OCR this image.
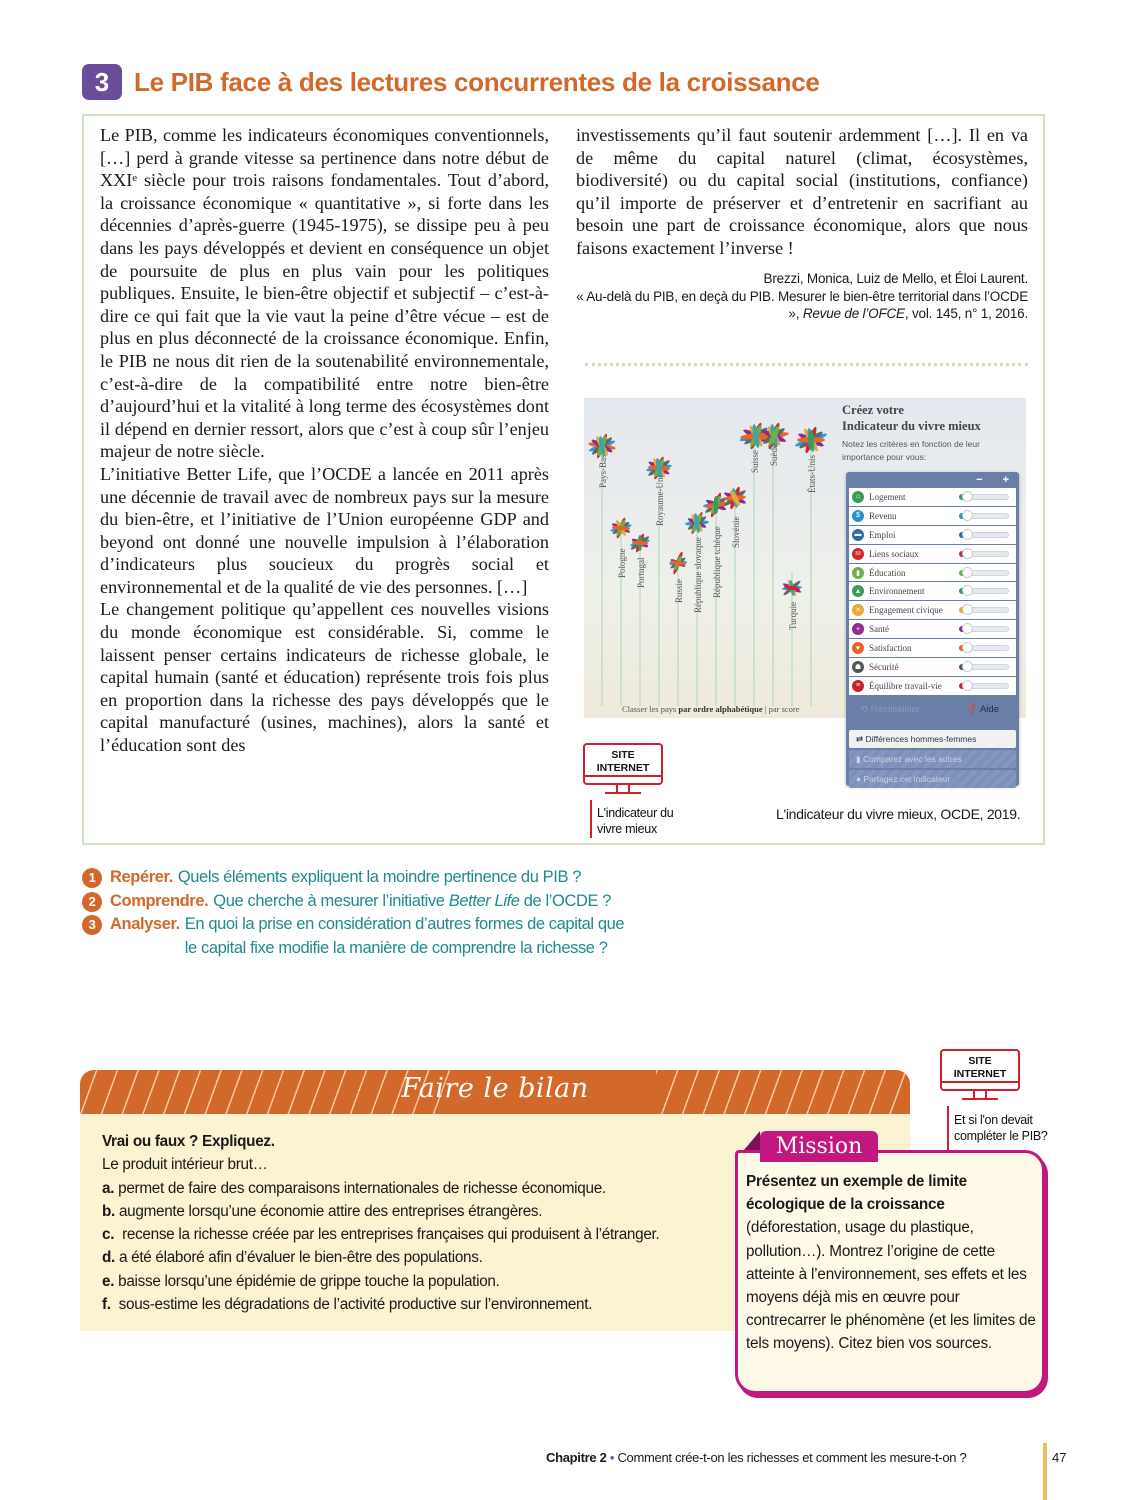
3 Le PIB face à des lectures concurrentes de la croissance

Le PIB, comme les indicateurs économiques conventionnels, […] perd à grande vitesse sa pertinence dans notre début de XXIᵉ siècle pour trois raisons fondamentales. Tout d’abord, la croissance économique « quantitative », si forte dans les décennies d’après-guerre (1945-1975), se dissipe peu à peu dans les pays développés et devient en conséquence un objet de poursuite de plus en plus vain pour les politiques publiques. Ensuite, le bien-être objectif et subjectif – c’est-à-dire ce qui fait que la vie vaut la peine d’être vécue – est de plus en plus déconnecté de la croissance économique. Enfin, le PIB ne nous dit rien de la soutenabilité environnementale, c’est-à-dire de la compatibilité entre notre bien-être d’aujourd’hui et la vitalité à long terme des écosystèmes dont il dépend en dernier ressort, alors que c’est à coup sûr l’enjeu majeur de notre siècle.

L’initiative Better Life, que l’OCDE a lancée en 2011 après une décennie de travail avec de nombreux pays sur la mesure du bien-être, et l’initiative de l’Union européenne GDP and beyond ont donné une nouvelle impulsion à l’élaboration d’indicateurs plus soucieux du progrès social et environnemental et de la qualité de vie des personnes. […]

Le changement politique qu’appellent ces nouvelles visions du monde économique est considérable. Si, comme le laissent penser certains indicateurs de richesse globale, le capital humain (santé et éducation) représente trois fois plus en proportion dans la richesse des pays développés que le capital manufacturé (usines, machines), alors la santé et l’éducation sont des

investissements qu’il faut soutenir ardemment […]. Il en va de même du capital naturel (climat, écosystèmes, biodiversité) ou du capital social (institutions, confiance) qu’il importe de préserver et d’entretenir en sacrifiant au besoin une part de croissance économique, alors que nous faisons exactement l’inverse !
Brezzi, Monica, Luiz de Mello, et Éloi Laurent.
« Au-delà du PIB, en deçà du PIB. Mesurer le bien-être territorial dans l’OCDE », Revue de l’OFCE, vol. 145, n° 1, 2016.
Pays-Bas
Pologne Portugal
Royaume-Uni
Russie République slovaque République tchèque Slovénie
Suisse Suède	États-Unis
Turquie
Classer les pays par ordre alphabétique | par score
Créez votre
Indicateur du vivre mieux
Notez les critères en fonction de leur importance pour vous:
− +
⌂ Logement
$	Revenu
▬ Emploi
ııı Liens sociaux
▮	Éducation
▲ Environnement
✕ Engagement civique
+ Santé
♥ Satisfaction
☗ Sécurité
≡ Équilibre travail-vie
⟲ Réinitialiser	❓ Aide
⇄ Différences hommes-femmes
▮ Comparez avec les autres
● Partagez cet indicateur
SITE
INTERNET
L'indicateur du
vivre mieux
L'indicateur du vivre mieux, OCDE, 2019.
1 Repérer. Quels éléments expliquent la moindre pertinence du PIB ?
2 Comprendre. Que cherche à mesurer l’initiative Better Life de l’OCDE ?
3 Analyser. En quoi la prise en considération d’autres formes de capital que le capital fixe modifie la manière de comprendre la richesse ?
Faire le bilan
Vrai ou faux ? Expliquez.
Le produit intérieur brut…
a. permet de faire des comparaisons internationales de richesse économique.
b. augmente lorsqu’une économie attire des entreprises étrangères.
c.  recense la richesse créée par les entreprises françaises qui produisent à l’étranger.
d. a été élaboré afin d’évaluer le bien-être des populations.
e. baisse lorsqu’une épidémie de grippe touche la population.
f.  sous-estime les dégradations de l’activité productive sur l’environnement.
SITE
INTERNET
Et si l'on devait
compléter le PIB?
Mission
Présentez un exemple de limite écologique de la croissance (déforestation, usage du plastique, pollution…). Montrez l’origine de cette atteinte à l’environnement, ses effets et les moyens déjà mis en œuvre pour contrecarrer le phénomène (et les limites de tels moyens). Citez bien vos sources.
Chapitre 2 • Comment crée-t-on les richesses et comment les mesure-t-on ?	47
